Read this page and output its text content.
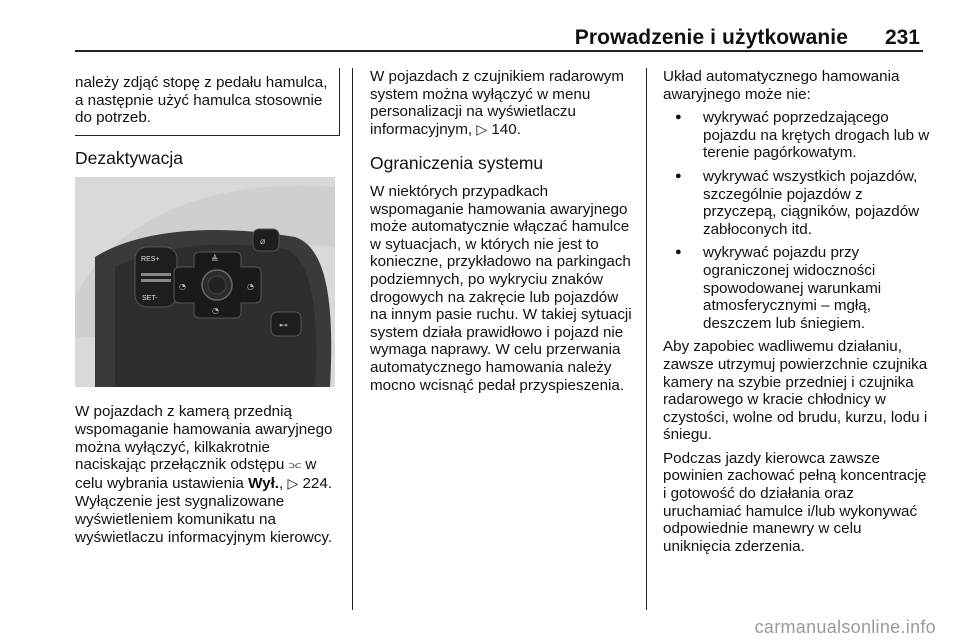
Prowadzenie i użytkowanie 231
należy zdjąć stopę z pedału hamulca, a następnie użyć hamulca stosownie do potrzeb.
Dezaktywacja
RES+
SET-
≜
◔	◔
◔
⌀
⊷

W pojazdach z kamerą przednią wspomaganie hamowania awaryjnego można wyłączyć, kilkakrotnie naciskając przełącznik odstępu ⫗ w celu wybrania ustawienia Wył., ▷ 224. Wyłączenie jest sygnalizowane wyświetleniem komunikatu na wyświetlaczu informacyjnym kierowcy.

W pojazdach z czujnikiem radarowym system można wyłączyć w menu personalizacji na wyświetlaczu informacyjnym, ▷ 140.

Ograniczenia systemu

W niektórych przypadkach wspomaganie hamowania awaryjnego może automatycznie włączać hamulce w sytuacjach, w których nie jest to konieczne, przykładowo na parkingach podziemnych, po wykryciu znaków drogowych na zakręcie lub pojazdów na innym pasie ruchu. W takiej sytuacji system działa prawidłowo i pojazd nie wymaga naprawy. W celu przerwania automatycznego hamowania należy mocno wcisnąć pedał przyspieszenia.

Układ automatycznego hamowania awaryjnego może nie:

● wykrywać poprzedzającego pojazdu na krętych drogach lub w terenie pagórkowatym.
● wykrywać wszystkich pojazdów, szczególnie pojazdów z przyczepą, ciągników, pojazdów zabłoconych itd.
● wykrywać pojazdu przy ograniczonej widoczności spowodowanej warunkami atmosferycznymi – mgłą, deszczem lub śniegiem.

Aby zapobiec wadliwemu działaniu, zawsze utrzymuj powierzchnie czujnika kamery na szybie przedniej i czujnika radarowego w kracie chłodnicy w czystości, wolne od brudu, kurzu, lodu i śniegu.

Podczas jazdy kierowca zawsze powinien zachować pełną koncentrację i gotowość do działania oraz uruchamiać hamulce i/lub wykonywać odpowiednie manewry w celu uniknięcia zderzenia.

carmanualsonline.info
